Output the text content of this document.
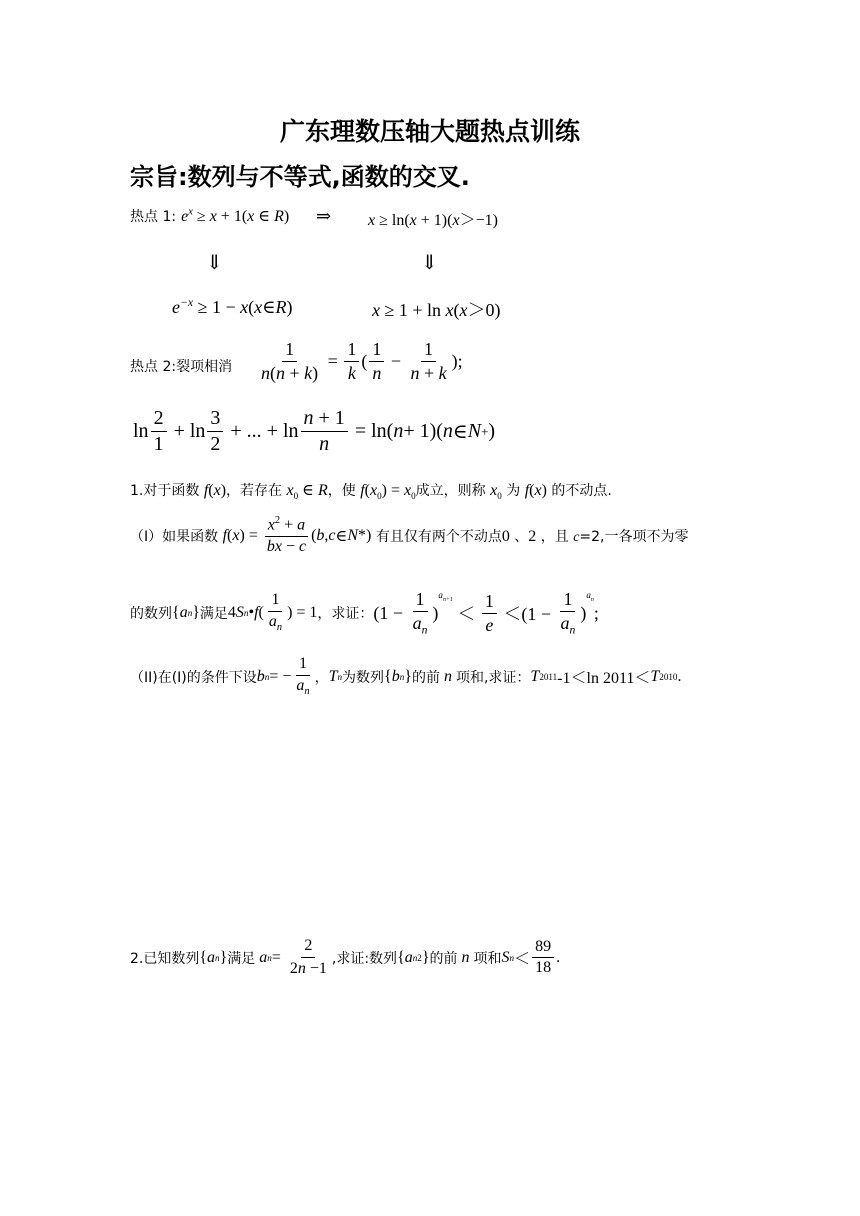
广东理数压轴大题热点训练
宗旨:数列与不等式,函数的交叉.
热点 1: $e^x \ge x + 1(x$ ∈ R) ⇒ x ≥ ln(x + 1)(x＞−1)
⇓	⇓
$e^{-x} \ge 1$ − x(x∈R)	x ≥ 1 + ln x(x＞0)
热点 2:裂项相消 $\frac{1}{n(n + k)} = \frac{1}{k}$ ( $\frac{1}{n} - \frac{1}{n + k}$ );
$\ln \frac{2}{1} + \ln \frac{3}{2}$ + ... + $\ln \frac{n + 1}{n} = \ln$( n + 1)( n ∈ N + )
1.对于函数 f(x)，若存在 $x_0$ ∈ R，使 $f(x_0) = x_0$成立，则称 $x_0$ 为 f(x) 的不动点.
（I）如果函数 f ( x ) = $\frac{x^2 + a}{bx - c}$ ( b , c ∈ N *) 有且仅有两个不动点0 、2 ，且 c=2,一各项不为零
的数列 { a n } 满足 4 S n • f ( $\frac{1}{a_n}$ ) = 1 ，求证： ($1 - \frac{1}{a_n}$ )
$a_{n+1}$
＜ $\frac{1}{e} <(1 - \frac{1}{a_n}$ )
$a_n$
;
（II)在(I)的条件下设 b n = − $\frac{1}{a_n}$ ， T n 为数列 { b n } 的前 n 项和,求证： T 2011 -1＜ln 2011＜ T 2010 .
2.已知数列 { a n } 满足 a $n = \frac{2}{2n -1}$ ,求证:数列 { a n 2 } 的前 n 项和 S $n < \frac{89}{18}$ .
